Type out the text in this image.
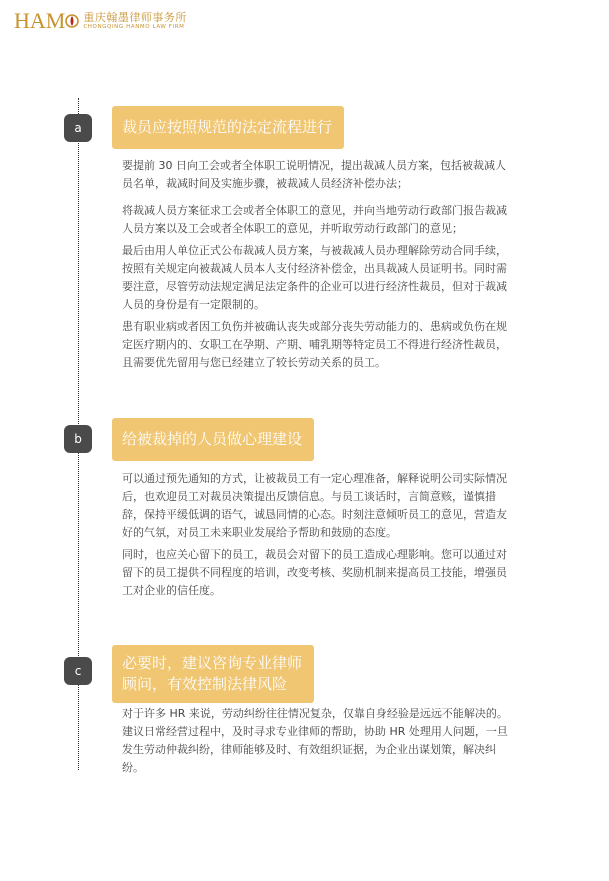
HAM 重庆翰墨律师事务所
CHONGQING HANMO LAW FIRM
a	裁员应按照规范的法定流程进行

要提前 30 日向工会或者全体职工说明情况，提出裁减人员方案，包括被裁减人员名单，裁减时间及实施步骤，被裁减人员经济补偿办法；

将裁减人员方案征求工会或者全体职工的意见，并向当地劳动行政部门报告裁减人员方案以及工会或者全体职工的意见，并听取劳动行政部门的意见；

最后由用人单位正式公布裁减人员方案，与被裁减人员办理解除劳动合同手续，按照有关规定向被裁减人员本人支付经济补偿金，出具裁减人员证明书。同时需要注意，尽管劳动法规定满足法定条件的企业可以进行经济性裁员，但对于裁减人员的身份是有一定限制的。

患有职业病或者因工负伤并被确认丧失或部分丧失劳动能力的、患病或负伤在规定医疗期内的、女职工在孕期、产期、哺乳期等特定员工不得进行经济性裁员，且需要优先留用与您已经建立了较长劳动关系的员工。

b	给被裁掉的人员做心理建设

可以通过预先通知的方式，让被裁员工有一定心理准备，解释说明公司实际情况后，也欢迎员工对裁员决策提出反馈信息。与员工谈话时，言简意赅，谨慎措辞，保持平缓低调的语气，诚恳同情的心态。时刻注意倾听员工的意见，营造友好的气氛，对员工未来职业发展给予帮助和鼓励的态度。

同时，也应关心留下的员工，裁员会对留下的员工造成心理影响。您可以通过对留下的员工提供不同程度的培训，改变考核、奖励机制来提高员工技能，增强员工对企业的信任度。

c	必要时，建议咨询专业律师
顾问，有效控制法律风险

对于许多 HR 来说，劳动纠纷往往情况复杂，仅靠自身经验是远远不能解决的。建议日常经营过程中，及时寻求专业律师的帮助，协助 HR 处理用人问题，一旦发生劳动仲裁纠纷，律师能够及时、有效组织证据，为企业出谋划策，解决纠纷。
